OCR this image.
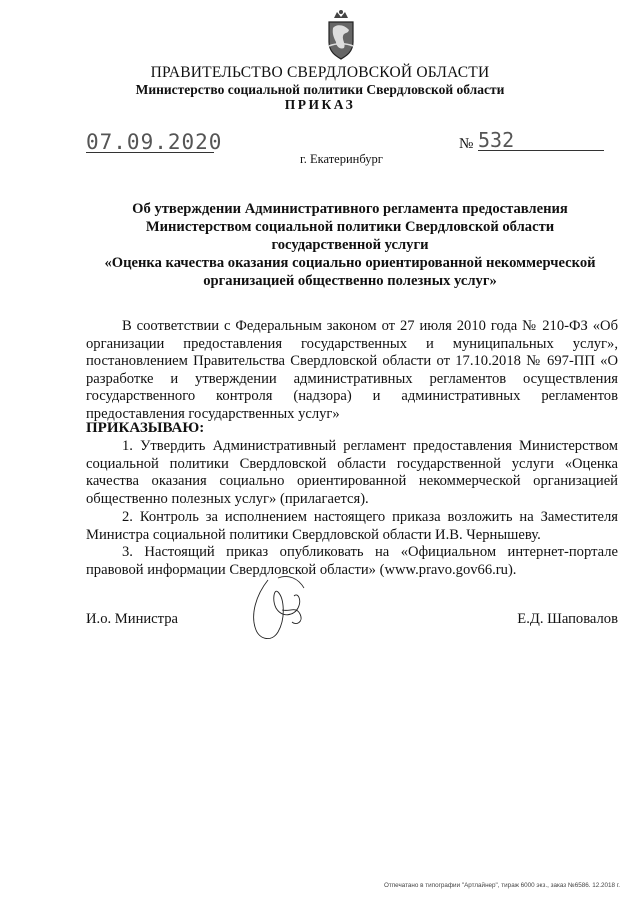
ПРАВИТЕЛЬСТВО СВЕРДЛОВСКОЙ ОБЛАСТИ
Министерство социальной политики Свердловской области
ПРИКАЗ
07.09.2020	№ 532
г. Екатеринбург
Об утверждении Административного регламента предоставления
Министерством социальной политики Свердловской области
государственной услуги
«Оценка качества оказания социально ориентированной некоммерческой
организацией общественно полезных услуг»
В соответствии с Федеральным законом от 27 июля 2010 года № 210-ФЗ «Об организации предоставления государственных и муниципальных услуг», постановлением Правительства Свердловской области от 17.10.2018 № 697-ПП «О разработке и утверждении административных регламентов осуществления государственного контроля (надзора) и административных регламентов предоставления государственных услуг»
ПРИКАЗЫВАЮ:
1. Утвердить Административный регламент предоставления Министерством социальной политики Свердловской области государственной услуги «Оценка качества оказания социально ориентированной некоммерческой организацией общественно полезных услуг» (прилагается).
2. Контроль за исполнением настоящего приказа возложить на Заместителя Министра социальной политики Свердловской области И.В. Чернышеву.
3. Настоящий приказ опубликовать на «Официальном интернет-портале правовой информации Свердловской области» (www.pravo.gov66.ru).
И.о. Министра	Е.Д. Шаповалов
Отпечатано в типографии "Артлайнер", тираж 6000 экз., заказ №6586. 12.2018 г.
